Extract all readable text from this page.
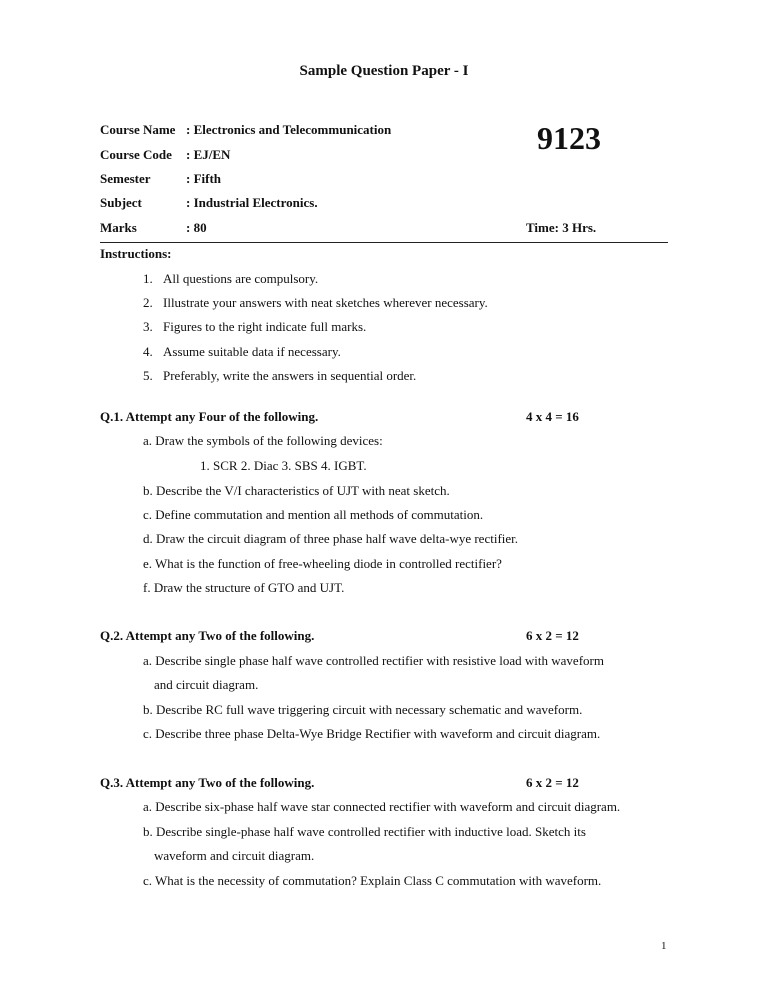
Sample Question Paper - I
Course Name : Electronics and Telecommunication	9123
Course Code : EJ/EN
Semester	: Fifth
Subject	: Industrial Electronics.
Marks	: 80	Time: 3 Hrs.
Instructions:
1. All questions are compulsory.
2. Illustrate your answers with neat sketches wherever necessary.
3. Figures to the right indicate full marks.
4. Assume suitable data if necessary.
5. Preferably, write the answers in sequential order.
Q.1. Attempt any Four of the following.	4 x 4 = 16
a. Draw the symbols of the following devices:
1. SCR 2. Diac 3. SBS 4. IGBT.
b. Describe the V/I characteristics of UJT with neat sketch.
c. Define commutation and mention all methods of commutation.
d. Draw the circuit diagram of three phase half wave delta-wye rectifier.
e. What is the function of free-wheeling diode in controlled rectifier?
f. Draw the structure of GTO and UJT.
Q.2. Attempt any Two of the following.	6 x 2 = 12
a. Describe single phase half wave controlled rectifier with resistive load with waveform
and circuit diagram.
b. Describe RC full wave triggering circuit with necessary schematic and waveform.
c. Describe three phase Delta-Wye Bridge Rectifier with waveform and circuit diagram.
Q.3. Attempt any Two of the following.	6 x 2 = 12
a. Describe six-phase half wave star connected rectifier with waveform and circuit diagram.
b. Describe single-phase half wave controlled rectifier with inductive load. Sketch its
waveform and circuit diagram.
c. What is the necessity of commutation? Explain Class C commutation with waveform.
1
